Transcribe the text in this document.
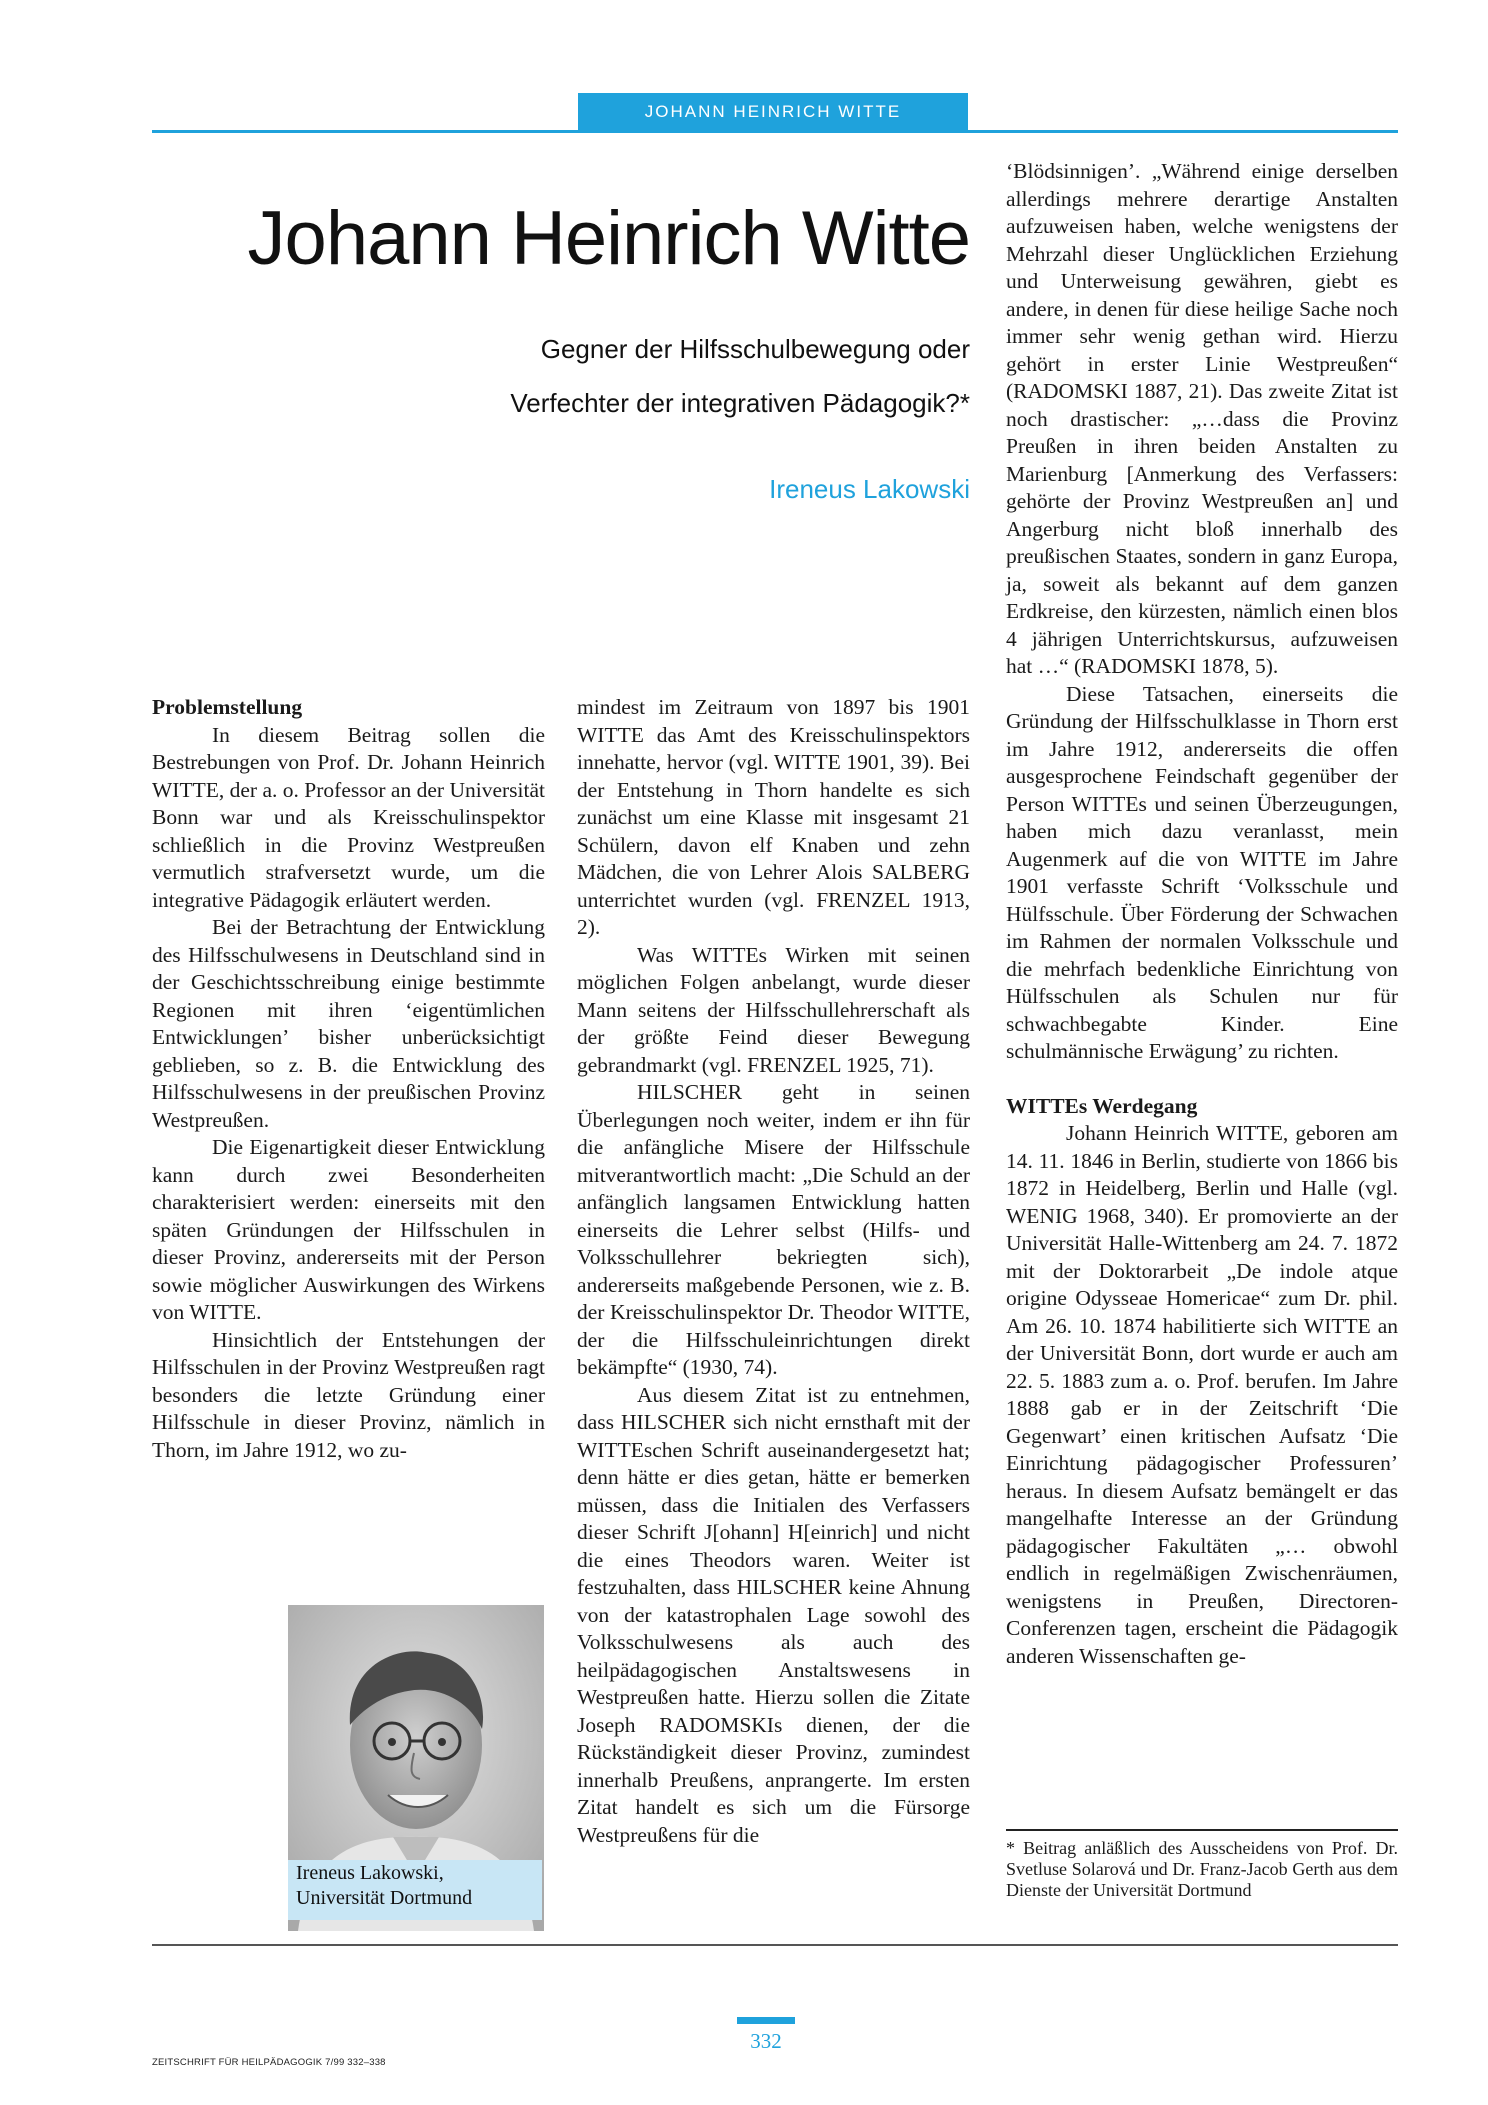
JOHANN HEINRICH WITTE
Johann Heinrich Witte
Gegner der Hilfsschulbewegung oder
Verfechter der integrativen Pädagogik?*
Ireneus Lakowski
Problemstellung

In diesem Beitrag sollen die Bestrebungen von Prof. Dr. Johann Heinrich WITTE, der a. o. Professor an der Universität Bonn war und als Kreisschulinspektor schließlich in die Provinz Westpreußen vermutlich strafversetzt wurde, um die integrative Pädagogik erläutert werden.

Bei der Betrachtung der Entwicklung des Hilfsschulwesens in Deutschland sind in der Geschichtsschreibung einige bestimmte Regionen mit ihren ‘eigentümlichen Entwicklungen’ bisher unberücksichtigt geblieben, so z. B. die Entwicklung des Hilfsschulwesens in der preußischen Provinz Westpreußen.

Die Eigenartigkeit dieser Entwicklung kann durch zwei Besonderheiten charakterisiert werden: einerseits mit den späten Gründungen der Hilfsschulen in dieser Provinz, andererseits mit der Person sowie möglicher Auswirkungen des Wirkens von WITTE.

Hinsichtlich der Entstehungen der Hilfsschulen in der Provinz Westpreußen ragt besonders die letzte Gründung einer Hilfsschule in dieser Provinz, nämlich in Thorn, im Jahre 1912, wo zu-

Ireneus Lakowski,
Universität Dortmund

mindest im Zeitraum von 1897 bis 1901 WITTE das Amt des Kreisschulinspektors innehatte, hervor (vgl. WITTE 1901, 39). Bei der Entstehung in Thorn handelte es sich zunächst um eine Klasse mit insgesamt 21 Schülern, davon elf Knaben und zehn Mädchen, die von Lehrer Alois SALBERG unterrichtet wurden (vgl. FRENZEL 1913, 2).

Was WITTEs Wirken mit seinen möglichen Folgen anbelangt, wurde dieser Mann seitens der Hilfsschullehrerschaft als der größte Feind dieser Bewegung gebrandmarkt (vgl. FRENZEL 1925, 71).

HILSCHER geht in seinen Überlegungen noch weiter, indem er ihn für die anfängliche Misere der Hilfsschule mitverantwortlich macht: „Die Schuld an der anfänglich langsamen Entwicklung hatten einerseits die Lehrer selbst (Hilfs- und Volksschullehrer bekriegten sich), andererseits maßgebende Personen, wie z. B. der Kreisschulinspektor Dr. Theodor WITTE, der die Hilfsschuleinrichtungen direkt bekämpfte“ (1930, 74).

Aus diesem Zitat ist zu entnehmen, dass HILSCHER sich nicht ernsthaft mit der WITTEschen Schrift auseinandergesetzt hat; denn hätte er dies getan, hätte er bemerken müssen, dass die Initialen des Verfassers dieser Schrift J[ohann] H[einrich] und nicht die eines Theodors waren. Weiter ist festzuhalten, dass HILSCHER keine Ahnung von der katastrophalen Lage sowohl des Volksschulwesens als auch des heilpädagogischen Anstaltswesens in Westpreußen hatte. Hierzu sollen die Zitate Joseph RADOMSKIs dienen, der die Rückständigkeit dieser Provinz, zumindest innerhalb Preußens, anprangerte. Im ersten Zitat handelt es sich um die Fürsorge Westpreußens für die

‘Blödsinnigen’. „Während einige derselben allerdings mehrere derartige Anstalten aufzuweisen haben, welche wenigstens der Mehrzahl dieser Unglücklichen Erziehung und Unterweisung gewähren, giebt es andere, in denen für diese heilige Sache noch immer sehr wenig gethan wird. Hierzu gehört in erster Linie Westpreußen“ (RADOMSKI 1887, 21). Das zweite Zitat ist noch drastischer: „…dass die Provinz Preußen in ihren beiden Anstalten zu Marienburg [Anmerkung des Verfassers: gehörte der Provinz Westpreußen an] und Angerburg nicht bloß innerhalb des preußischen Staates, sondern in ganz Europa, ja, soweit als bekannt auf dem ganzen Erdkreise, den kürzesten, nämlich einen blos 4 jährigen Unterrichtskursus, aufzuweisen hat …“ (RADOMSKI 1878, 5).

Diese Tatsachen, einerseits die Gründung der Hilfsschulklasse in Thorn erst im Jahre 1912, andererseits die offen ausgesprochene Feindschaft gegenüber der Person WITTEs und seinen Überzeugungen, haben mich dazu veranlasst, mein Augenmerk auf die von WITTE im Jahre 1901 verfasste Schrift ‘Volksschule und Hülfsschule. Über Förderung der Schwachen im Rahmen der normalen Volksschule und die mehrfach bedenkliche Einrichtung von Hülfsschulen als Schulen nur für schwachbegabte Kinder. Eine schulmännische Erwägung’ zu richten.

WITTEs Werdegang

Johann Heinrich WITTE, geboren am 14. 11. 1846 in Berlin, studierte von 1866 bis 1872 in Heidelberg, Berlin und Halle (vgl. WENIG 1968, 340). Er promovierte an der Universität Halle-Wittenberg am 24. 7. 1872 mit der Doktorarbeit „De indole atque origine Odysseae Homericae“ zum Dr. phil. Am 26. 10. 1874 habilitierte sich WITTE an der Universität Bonn, dort wurde er auch am 22. 5. 1883 zum a. o. Prof. berufen. Im Jahre 1888 gab er in der Zeitschrift ‘Die Gegenwart’ einen kritischen Aufsatz ‘Die Einrichtung pädagogischer Professuren’ heraus. In diesem Aufsatz bemängelt er das mangelhafte Interesse an der Gründung pädagogischer Fakultäten „… obwohl endlich in regelmäßigen Zwischenräumen, wenigstens in Preußen, Directoren-Conferenzen tagen, erscheint die Pädagogik anderen Wissenschaften ge-

* Beitrag anläßlich des Ausscheidens von Prof. Dr. Svetluse Solarová und Dr. Franz-Jacob Gerth aus dem Dienste der Universität Dortmund
ZEITSCHRIFT FÜR HEILPÄDAGOGIK 7/99 332–338
332
